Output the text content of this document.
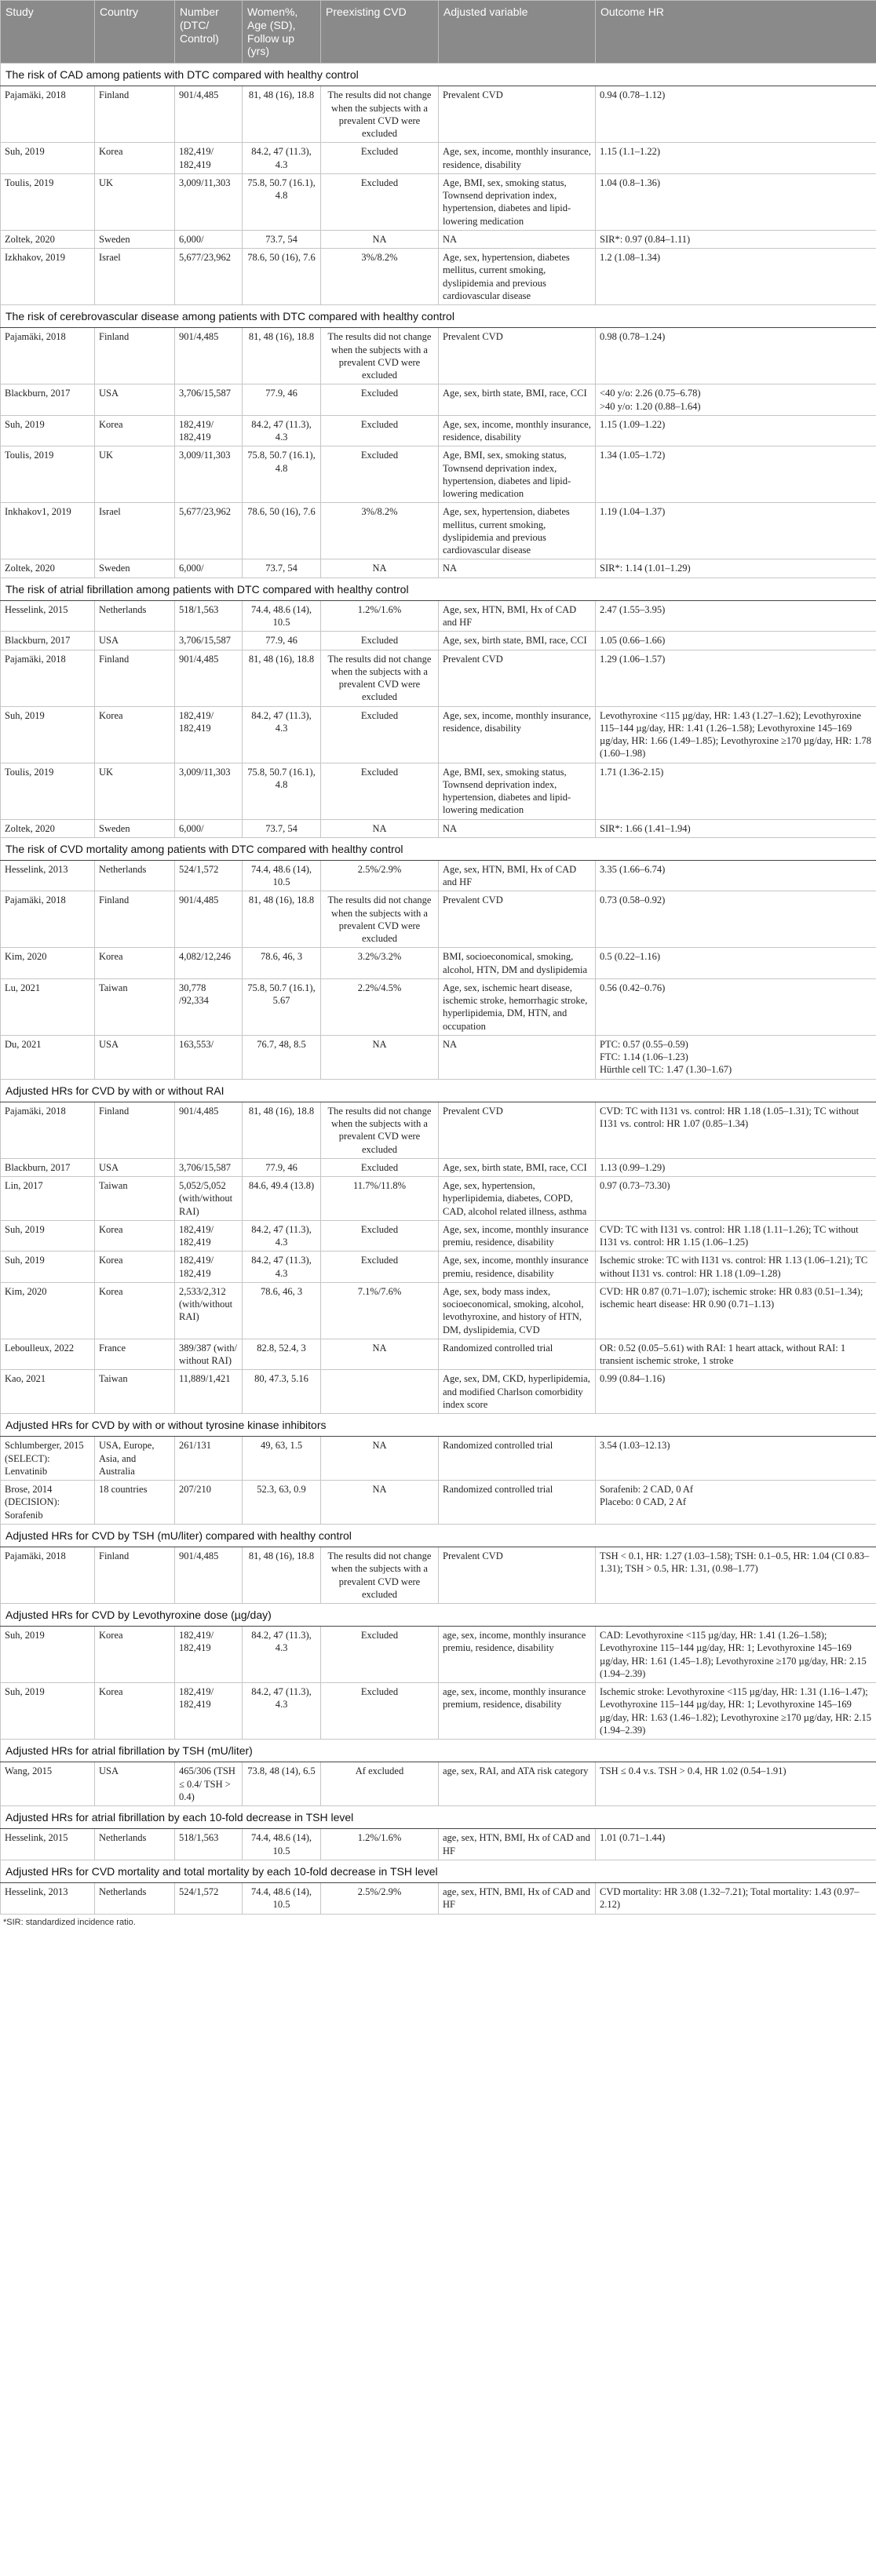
Study	Country	Number (DTC/ Control)	Women%, Age (SD), Follow up (yrs)	Preexisting CVD	Adjusted variable	Outcome HR
The risk of CAD among patients with DTC compared with healthy control						
Pajamäki, 2018	Finland	901/4,485	81, 48 (16), 18.8	The results did not change when the subjects with a prevalent CVD were excluded	Prevalent CVD	0.94 (0.78–1.12)
Suh, 2019	Korea	182,419/ 182,419	84.2, 47 (11.3), 4.3	Excluded	Age, sex, income, monthly insurance, residence, disability	1.15 (1.1–1.22)
Toulis, 2019	UK	3,009/11,303	75.8, 50.7 (16.1), 4.8	Excluded	Age, BMI, sex, smoking status, Townsend deprivation index, hypertension, diabetes and lipid-lowering medication	1.04 (0.8–1.36)
Zoltek, 2020	Sweden	6,000/	73.7, 54	NA	NA	SIR*: 0.97 (0.84–1.11)
Izkhakov, 2019	Israel	5,677/23,962	78.6, 50 (16), 7.6	3%/8.2%	Age, sex, hypertension, diabetes mellitus, current smoking, dyslipidemia and previous cardiovascular disease	1.2 (1.08–1.34)
The risk of cerebrovascular disease among patients with DTC compared with healthy control						
Pajamäki, 2018	Finland	901/4,485	81, 48 (16), 18.8	The results did not change when the subjects with a prevalent CVD were excluded	Prevalent CVD	0.98 (0.78–1.24)
Blackburn, 2017	USA	3,706/15,587	77.9, 46	Excluded	Age, sex, birth state, BMI, race, CCI	<40 y/o: 2.26 (0.75–6.78)
>40 y/o: 1.20 (0.88–1.64)
Suh, 2019	Korea	182,419/ 182,419	84.2, 47 (11.3), 4.3	Excluded	Age, sex, income, monthly insurance, residence, disability	1.15 (1.09–1.22)
Toulis, 2019	UK	3,009/11,303	75.8, 50.7 (16.1), 4.8	Excluded	Age, BMI, sex, smoking status, Townsend deprivation index, hypertension, diabetes and lipid-lowering medication	1.34 (1.05–1.72)
Inkhakov1, 2019	Israel	5,677/23,962	78.6, 50 (16), 7.6	3%/8.2%	Age, sex, hypertension, diabetes mellitus, current smoking, dyslipidemia and previous cardiovascular disease	1.19 (1.04–1.37)
Zoltek, 2020	Sweden	6,000/	73.7, 54	NA	NA	SIR*: 1.14 (1.01–1.29)
The risk of atrial fibrillation among patients with DTC compared with healthy control						
Hesselink, 2015	Netherlands	518/1,563	74.4, 48.6 (14), 10.5	1.2%/1.6%	Age, sex, HTN, BMI, Hx of CAD and HF	2.47 (1.55–3.95)
Blackburn, 2017	USA	3,706/15,587	77.9, 46	Excluded	Age, sex, birth state, BMI, race, CCI	1.05 (0.66–1.66)
Pajamäki, 2018	Finland	901/4,485	81, 48 (16), 18.8	The results did not change when the subjects with a prevalent CVD were excluded	Prevalent CVD	1.29 (1.06–1.57)
Suh, 2019	Korea	182,419/ 182,419	84.2, 47 (11.3), 4.3	Excluded	Age, sex, income, monthly insurance, residence, disability	Levothyroxine <115 µg/day, HR: 1.43 (1.27–1.62); Levothyroxine 115–144 µg/day, HR: 1.41 (1.26–1.58); Levothyroxine 145–169 µg/day, HR: 1.66 (1.49–1.85); Levothyroxine ≥170 µg/day, HR: 1.78 (1.60–1.98)
Toulis, 2019	UK	3,009/11,303	75.8, 50.7 (16.1), 4.8	Excluded	Age, BMI, sex, smoking status, Townsend deprivation index, hypertension, diabetes and lipid-lowering medication	1.71 (1.36-2.15)
Zoltek, 2020	Sweden	6,000/	73.7, 54	NA	NA	SIR*: 1.66 (1.41–1.94)
The risk of CVD mortality among patients with DTC compared with healthy control						
Hesselink, 2013	Netherlands	524/1,572	74.4, 48.6 (14), 10.5	2.5%/2.9%	Age, sex, HTN, BMI, Hx of CAD and HF	3.35 (1.66–6.74)
Pajamäki, 2018	Finland	901/4,485	81, 48 (16), 18.8	The results did not change when the subjects with a prevalent CVD were excluded	Prevalent CVD	0.73 (0.58–0.92)
Kim, 2020	Korea	4,082/12,246	78.6, 46, 3	3.2%/3.2%	BMI, socioeconomical, smoking, alcohol, HTN, DM and dyslipidemia	0.5 (0.22–1.16)
Lu, 2021	Taiwan	30,778 /92,334	75.8, 50.7 (16.1), 5.67	2.2%/4.5%	Age, sex, ischemic heart disease, ischemic stroke, hemorrhagic stroke, hyperlipidemia, DM, HTN, and occupation	0.56 (0.42–0.76)
Du, 2021	USA	163,553/	76.7, 48, 8.5	NA	NA	PTC: 0.57 (0.55–0.59)
FTC: 1.14 (1.06–1.23)
Hürthle cell TC: 1.47 (1.30–1.67)
Adjusted HRs for CVD by with or without RAI						
Pajamäki, 2018	Finland	901/4,485	81, 48 (16), 18.8	The results did not change when the subjects with a prevalent CVD were excluded	Prevalent CVD	CVD: TC with I131 vs. control: HR 1.18 (1.05–1.31); TC without I131 vs. control: HR 1.07 (0.85–1.34)
Blackburn, 2017	USA	3,706/15,587	77.9, 46	Excluded	Age, sex, birth state, BMI, race, CCI	1.13 (0.99–1.29)
Lin, 2017	Taiwan	5,052/5,052 (with/without RAI)	84.6, 49.4 (13.8)	11.7%/11.8%	Age, sex, hypertension, hyperlipidemia, diabetes, COPD, CAD, alcohol related illness, asthma	0.97 (0.73–73.30)
Suh, 2019	Korea	182,419/ 182,419	84.2, 47 (11.3), 4.3	Excluded	Age, sex, income, monthly insurance premiu, residence, disability	CVD: TC with I131 vs. control: HR 1.18 (1.11–1.26); TC without I131 vs. control: HR 1.15 (1.06–1.25)
Suh, 2019	Korea	182,419/ 182,419	84.2, 47 (11.3), 4.3	Excluded	Age, sex, income, monthly insurance premiu, residence, disability	Ischemic stroke: TC with I131 vs. control: HR 1.13 (1.06–1.21); TC without I131 vs. control: HR 1.18 (1.09–1.28)
Kim, 2020	Korea	2,533/2,312 (with/without RAI)	78.6, 46, 3	7.1%/7.6%	Age, sex, body mass index, socioeconomical, smoking, alcohol, levothyroxine, and history of HTN, DM, dyslipidemia, CVD	CVD: HR 0.87 (0.71–1.07); ischemic stroke: HR 0.83 (0.51–1.34); ischemic heart disease: HR 0.90 (0.71–1.13)
Leboulleux, 2022	France	389/387 (with/ without RAI)	82.8, 52.4, 3	NA	Randomized controlled trial	OR: 0.52 (0.05–5.61) with RAI: 1 heart attack, without RAI: 1 transient ischemic stroke, 1 stroke
Kao, 2021	Taiwan	11,889/1,421	80, 47.3, 5.16		Age, sex, DM, CKD, hyperlipidemia, and modified Charlson comorbidity index score	0.99 (0.84–1.16)
Adjusted HRs for CVD by with or without tyrosine kinase inhibitors						
Schlumberger, 2015 (SELECT): Lenvatinib	USA, Europe, Asia, and Australia	261/131	49, 63, 1.5	NA	Randomized controlled trial	3.54 (1.03–12.13)
Brose, 2014 (DECISION): Sorafenib	18 countries	207/210	52.3, 63, 0.9	NA	Randomized controlled trial	Sorafenib: 2 CAD, 0 Af
Placebo: 0 CAD, 2 Af
Adjusted HRs for CVD by TSH (mU/liter) compared with healthy control						
Pajamäki, 2018	Finland	901/4,485	81, 48 (16), 18.8	The results did not change when the subjects with a prevalent CVD were excluded	Prevalent CVD	TSH < 0.1, HR: 1.27 (1.03–1.58); TSH: 0.1–0.5, HR: 1.04 (CI 0.83–1.31); TSH > 0.5, HR: 1.31, (0.98–1.77)
Adjusted HRs for CVD by Levothyroxine dose (µg/day)						
Suh, 2019	Korea	182,419/ 182,419	84.2, 47 (11.3), 4.3	Excluded	age, sex, income, monthly insurance premiu, residence, disability	CAD: Levothyroxine <115 µg/day, HR: 1.41 (1.26–1.58); Levothyroxine 115–144 µg/day, HR: 1; Levothyroxine 145–169 µg/day, HR: 1.61 (1.45–1.8); Levothyroxine ≥170 µg/day, HR: 2.15 (1.94–2.39)
Suh, 2019	Korea	182,419/ 182,419	84.2, 47 (11.3), 4.3	Excluded	age, sex, income, monthly insurance premium, residence, disability	Ischemic stroke: Levothyroxine <115 µg/day, HR: 1.31 (1.16–1.47); Levothyroxine 115–144 µg/day, HR: 1; Levothyroxine 145–169 µg/day, HR: 1.63 (1.46–1.82); Levothyroxine ≥170 µg/day, HR: 2.15 (1.94–2.39)
Adjusted HRs for atrial fibrillation by TSH (mU/liter)						
Wang, 2015	USA	465/306 (TSH ≤ 0.4/ TSH > 0.4)	73.8, 48 (14), 6.5	Af excluded	age, sex, RAI, and ATA risk category	TSH ≤ 0.4 v.s. TSH > 0.4, HR 1.02 (0.54–1.91)
Adjusted HRs for atrial fibrillation by each 10-fold decrease in TSH level						
Hesselink, 2015	Netherlands	518/1,563	74.4, 48.6 (14), 10.5	1.2%/1.6%	age, sex, HTN, BMI, Hx of CAD and HF	1.01 (0.71–1.44)
Adjusted HRs for CVD mortality and total mortality by each 10-fold decrease in TSH level						
Hesselink, 2013	Netherlands	524/1,572	74.4, 48.6 (14), 10.5	2.5%/2.9%	age, sex, HTN, BMI, Hx of CAD and HF	CVD mortality: HR 3.08 (1.32–7.21); Total mortality: 1.43 (0.97–2.12)
*SIR: standardized incidence ratio.
